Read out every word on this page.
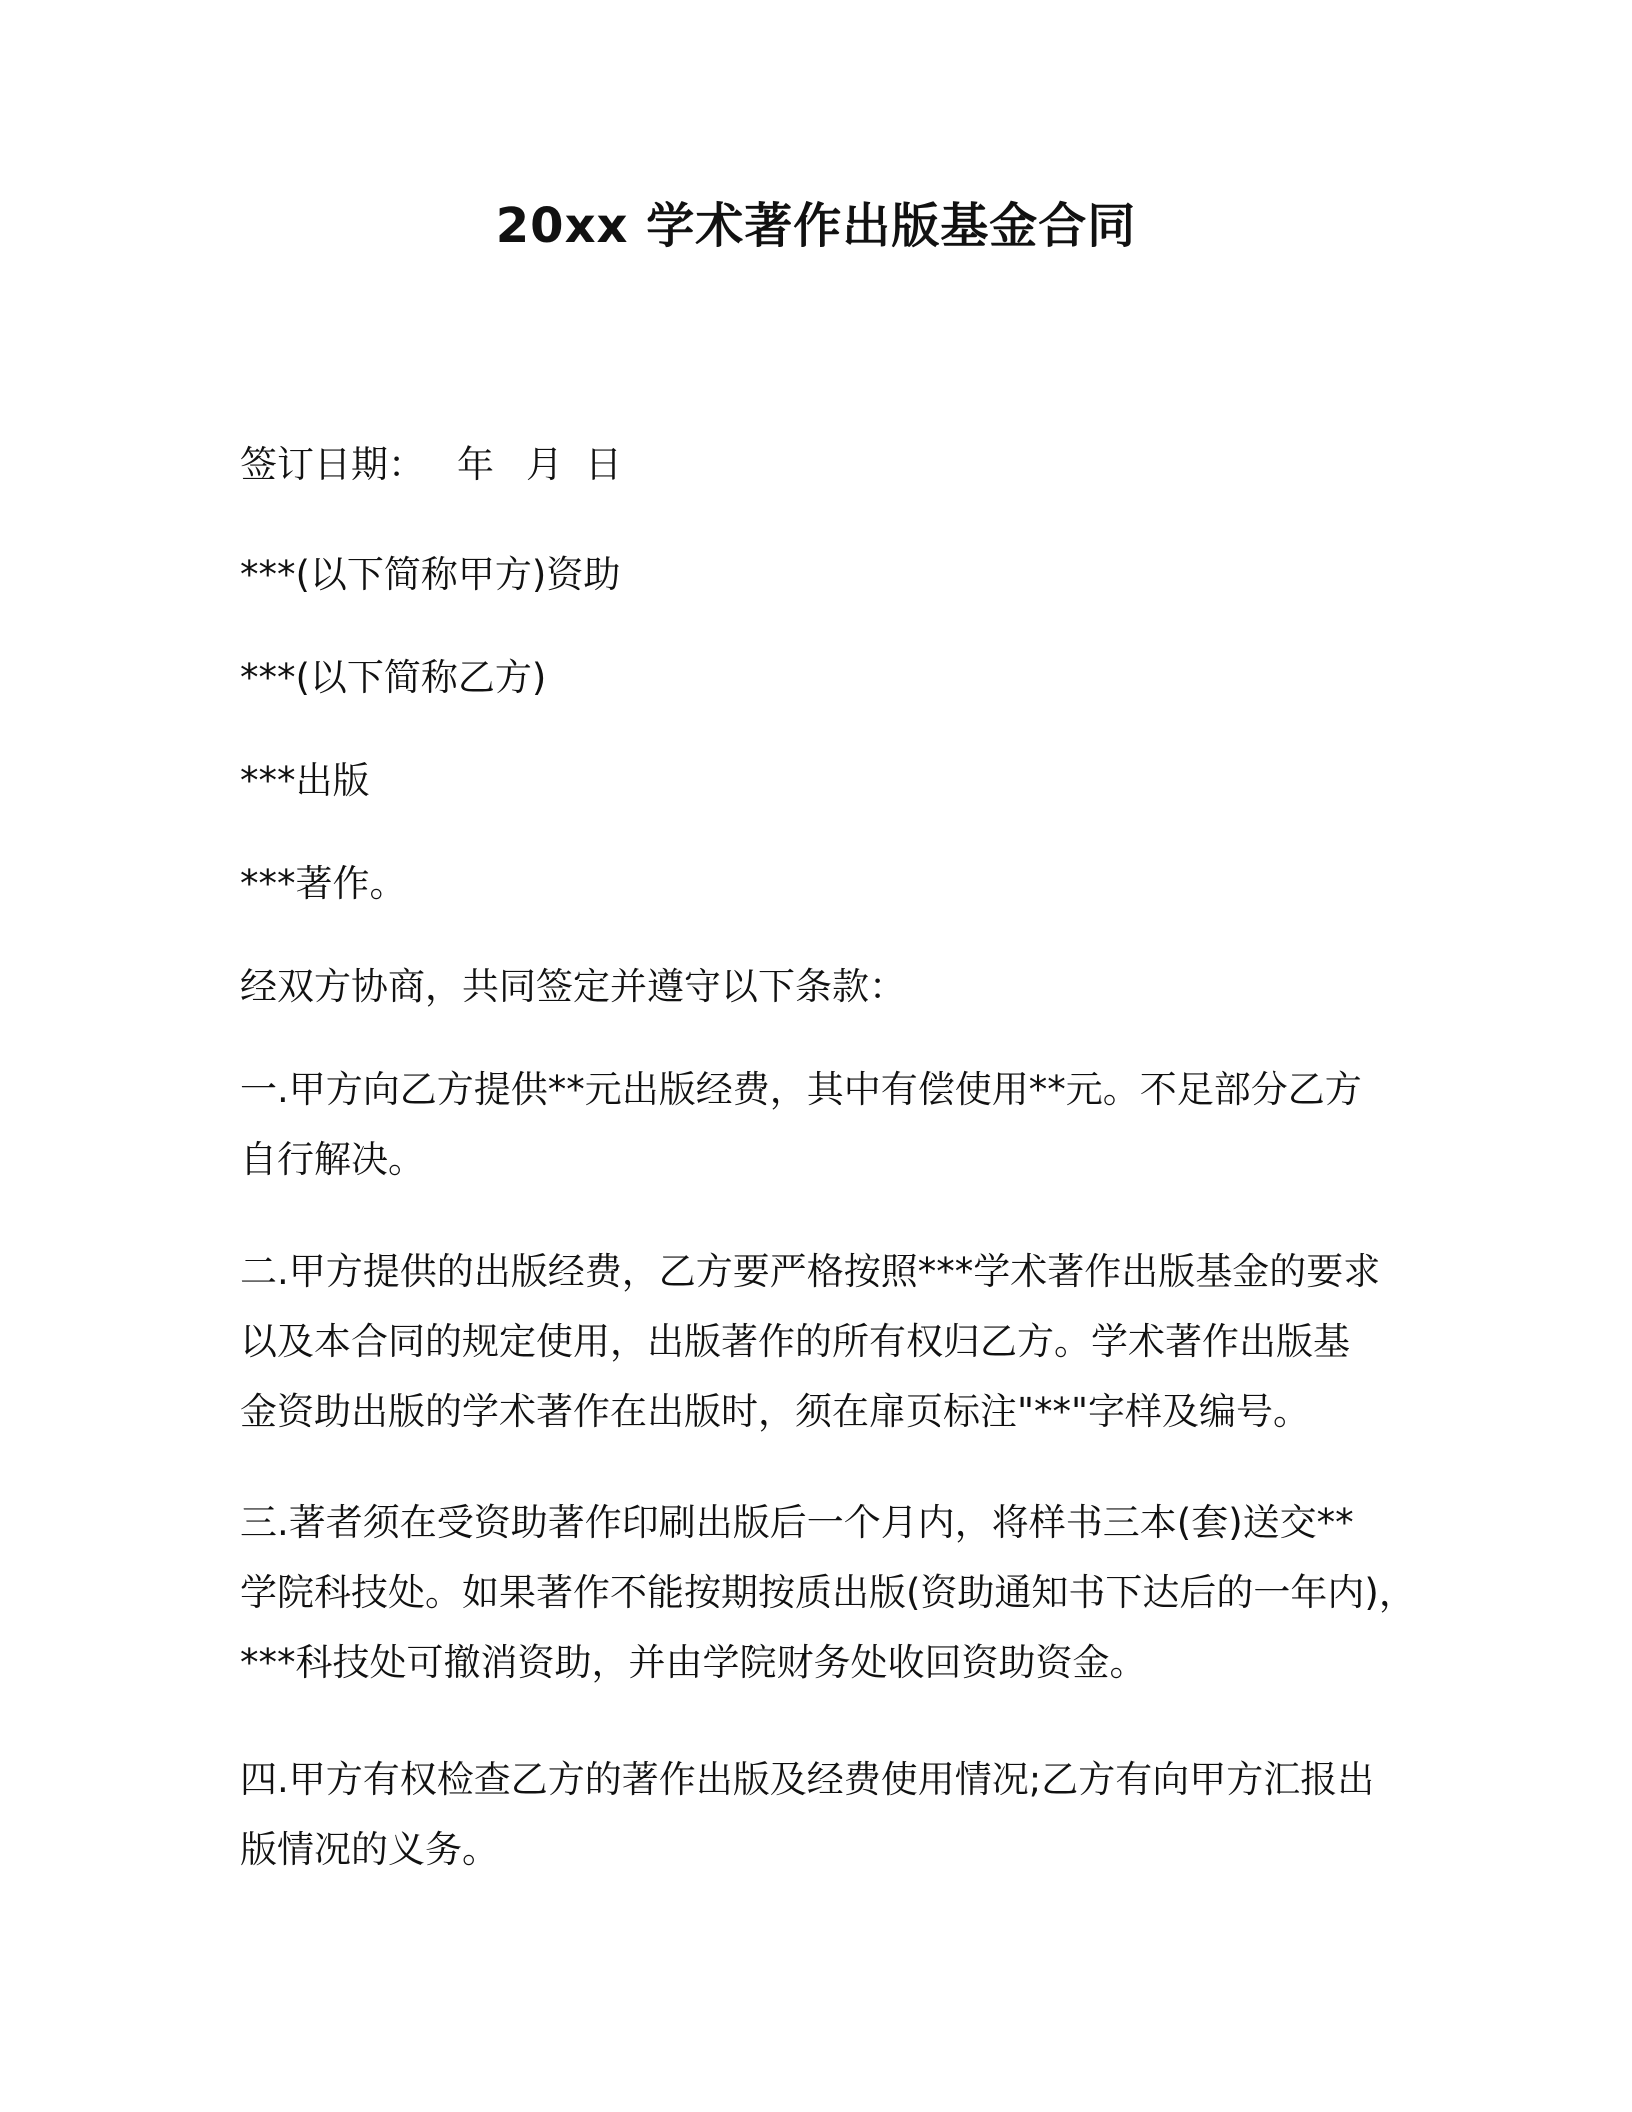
20xx 学术著作出版基金合同
签订日期： 年 月 日
***(以下简称甲方)资助
***(以下简称乙方)
***出版
***著作。
经双方协商，共同签定并遵守以下条款：
一.甲方向乙方提供**元出版经费，其中有偿使用**元。不足部分乙方
自行解决。
二.甲方提供的出版经费，乙方要严格按照***学术著作出版基金的要求
以及本合同的规定使用，出版著作的所有权归乙方。学术著作出版基
金资助出版的学术著作在出版时，须在扉页标注"**"字样及编号。
三.著者须在受资助著作印刷出版后一个月内，将样书三本(套)送交**
学院科技处。如果著作不能按期按质出版(资助通知书下达后的一年内)，
***科技处可撤消资助，并由学院财务处收回资助资金。
四.甲方有权检查乙方的著作出版及经费使用情况;乙方有向甲方汇报出
版情况的义务。
